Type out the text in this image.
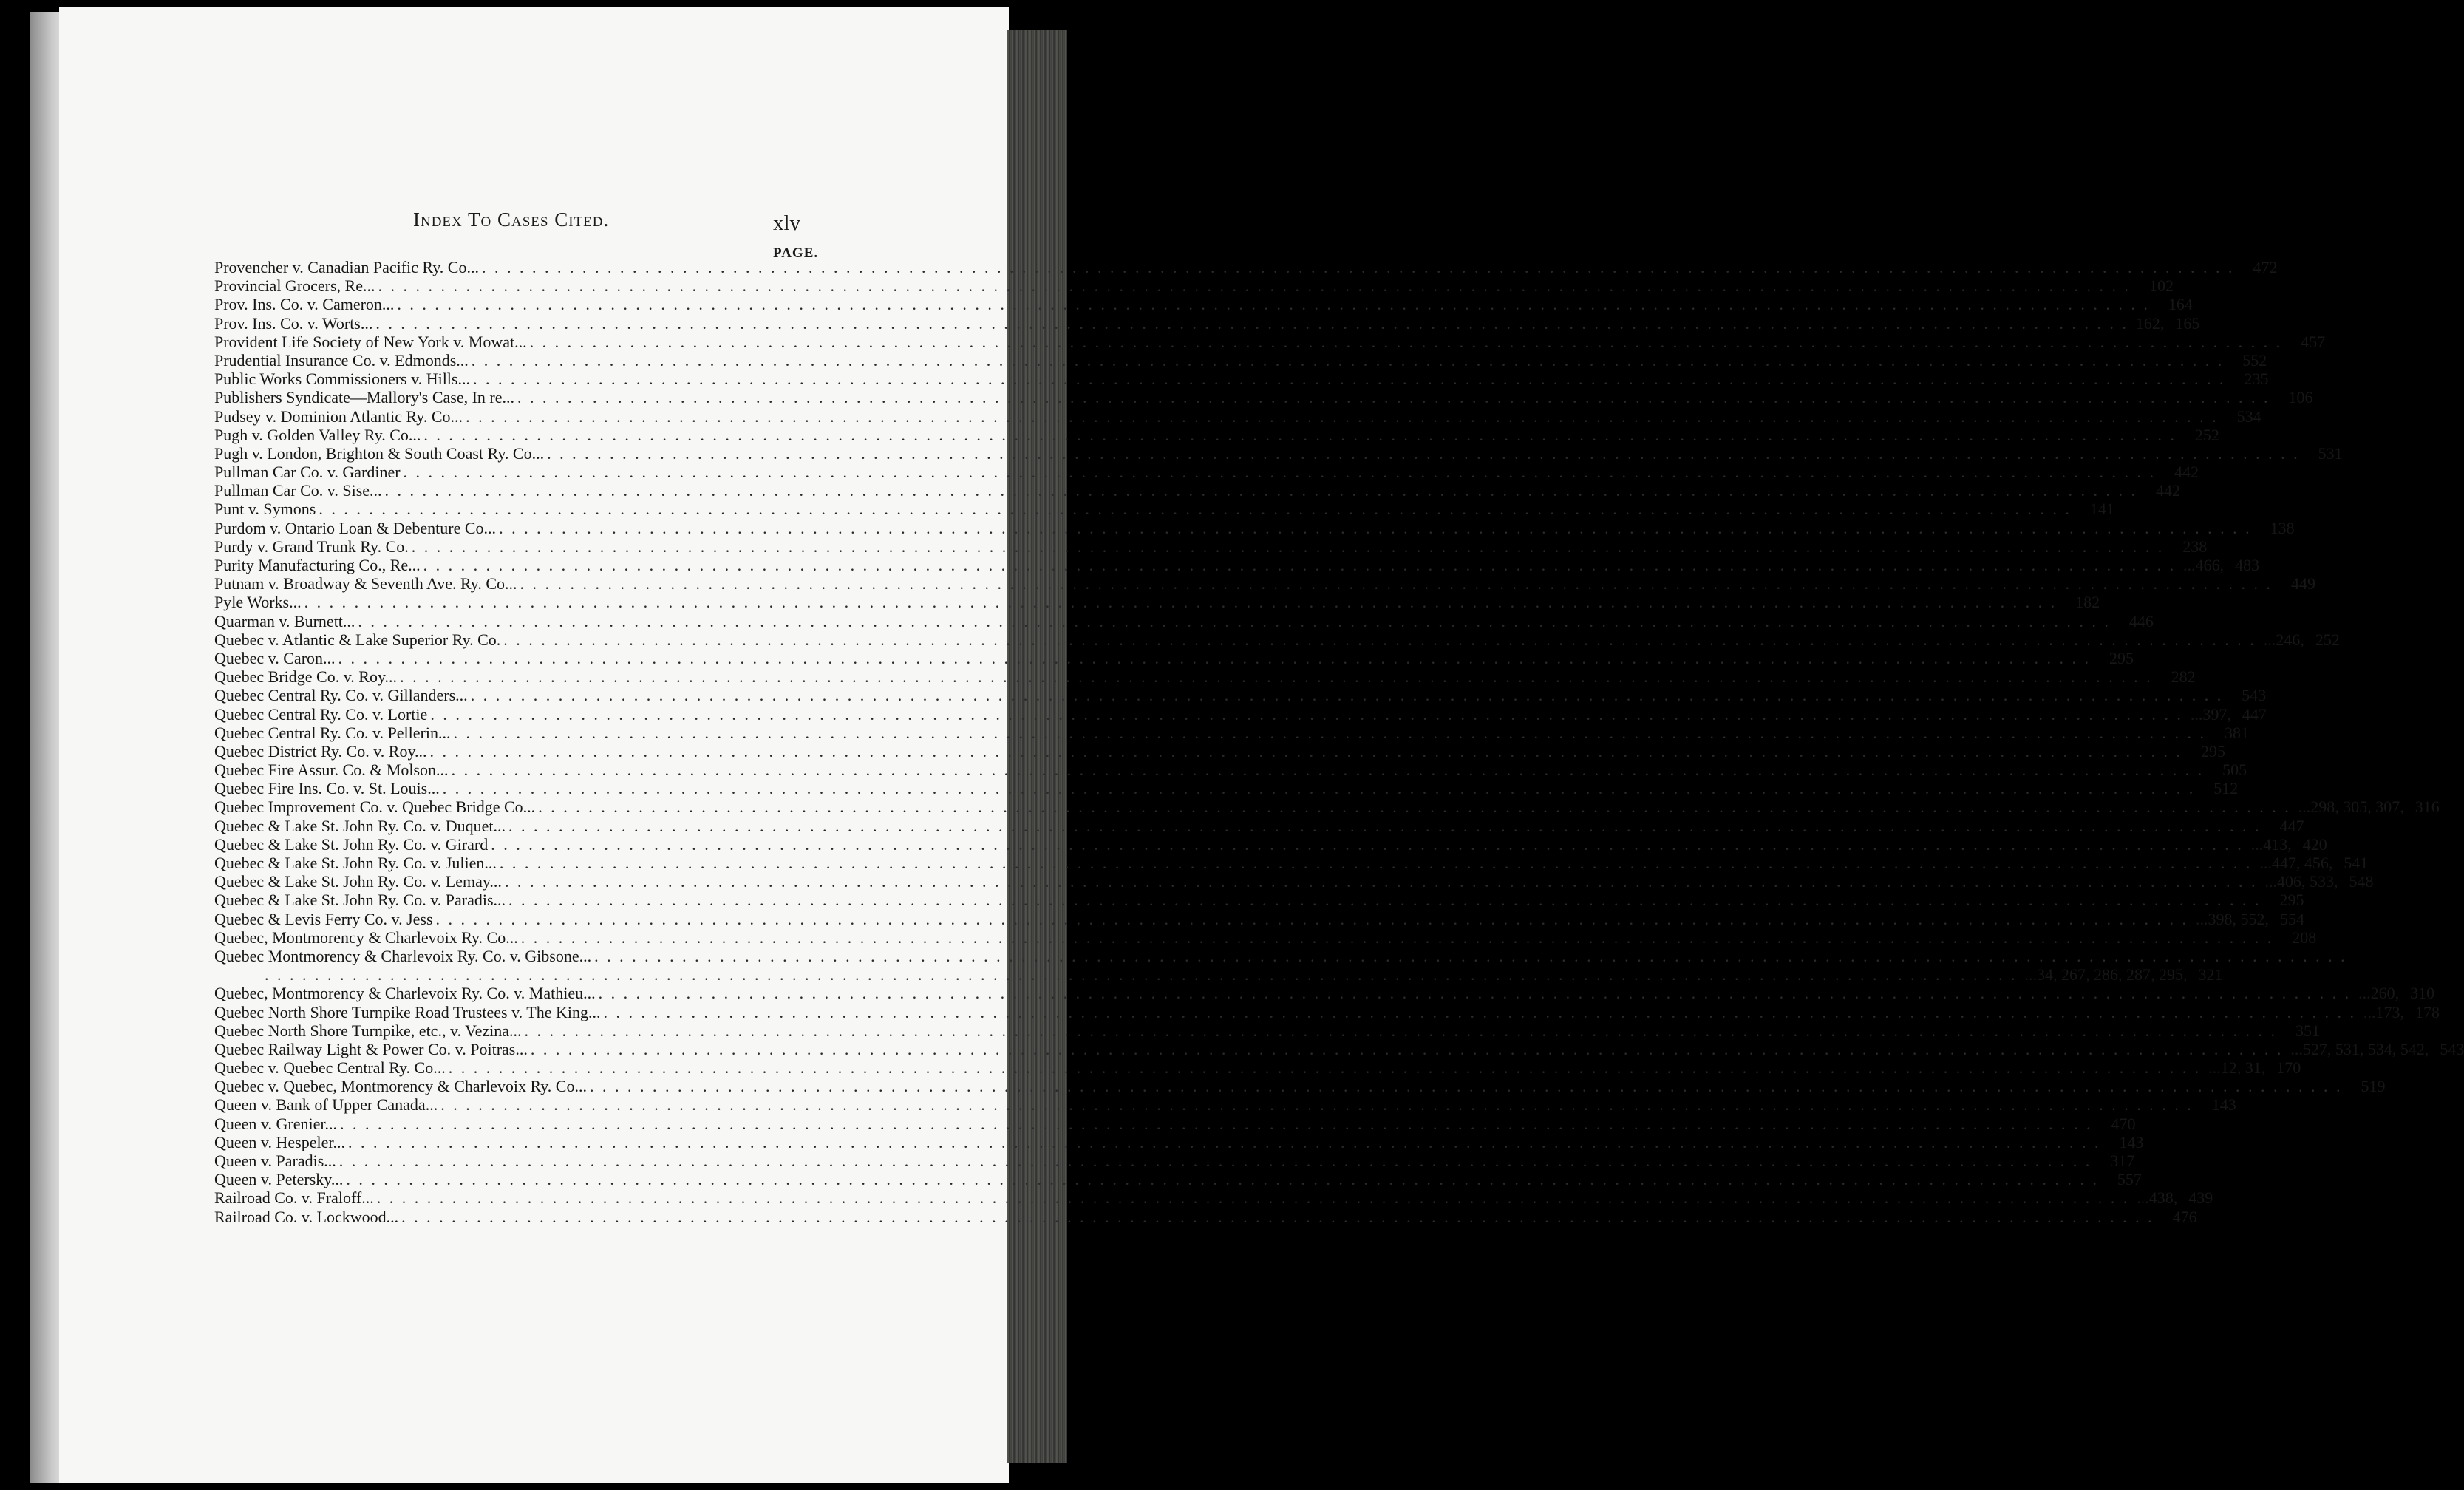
Index To Cases Cited.	xlv
PAGE.
Provencher v. Canadian Pacific Ry. Co... . . . . . . . . . . . . . . . . . . . . . . . . . . . . . . . . . . . . . . . . . . . . . . . . . . . . . . . . . . . . . . . . . . . . . . . . . . . . . . . . . . . . . . . . . . . . . . . . . . . . . . . . . . . . . . . . . . . . . . . . . . . . . . . . . . . . . . . . . . . .	472
Provincial Grocers, Re... . . . . . . . . . . . . . . . . . . . . . . . . . . . . . . . . . . . . . . . . . . . . . . . . . . . . . . . . . . . . . . . . . . . . . . . . . . . . . . . . . . . . . . . . . . . . . . . . . . . . . . . . . . . . . . . . . . . . . . . . . . . . . . . . . . . . . . . . . . . .	102
Prov. Ins. Co. v. Cameron... . . . . . . . . . . . . . . . . . . . . . . . . . . . . . . . . . . . . . . . . . . . . . . . . . . . . . . . . . . . . . . . . . . . . . . . . . . . . . . . . . . . . . . . . . . . . . . . . . . . . . . . . . . . . . . . . . . . . . . . . . . . . . . . . . . . . . . . . . . . .	164
Prov. Ins. Co. v. Worts... . . . . . . . . . . . . . . . . . . . . . . . . . . . . . . . . . . . . . . . . . . . . . . . . . . . . . . . . . . . . . . . . . . . . . . . . . . . . . . . . . . . . . . . . . . . . . . . . . . . . . . . . . . . . . . . . . . . . . . . . . . . . . . . . . . . . . . . . . . . . 162, 165
Provident Life Society of New York v. Mowat... . . . . . . . . . . . . . . . . . . . . . . . . . . . . . . . . . . . . . . . . . . . . . . . . . . . . . . . . . . . . . . . . . . . . . . . . . . . . . . . . . . . . . . . . . . . . . . . . . . . . . . . . . . . . . . . . . . . . . . . . . . . . . . . . . . . . . . . . . . . .	457
Prudential Insurance Co. v. Edmonds... . . . . . . . . . . . . . . . . . . . . . . . . . . . . . . . . . . . . . . . . . . . . . . . . . . . . . . . . . . . . . . . . . . . . . . . . . . . . . . . . . . . . . . . . . . . . . . . . . . . . . . . . . . . . . . . . . . . . . . . . . . . . . . . . . . . . . . . . . . . .	552
Public Works Commissioners v. Hills... . . . . . . . . . . . . . . . . . . . . . . . . . . . . . . . . . . . . . . . . . . . . . . . . . . . . . . . . . . . . . . . . . . . . . . . . . . . . . . . . . . . . . . . . . . . . . . . . . . . . . . . . . . . . . . . . . . . . . . . . . . . . . . . . . . . . . . . . . . . .	235
Publishers Syndicate—Mallory's Case, In re... . . . . . . . . . . . . . . . . . . . . . . . . . . . . . . . . . . . . . . . . . . . . . . . . . . . . . . . . . . . . . . . . . . . . . . . . . . . . . . . . . . . . . . . . . . . . . . . . . . . . . . . . . . . . . . . . . . . . . . . . . . . . . . . . . . . . . . . . . . . .	106
Pudsey v. Dominion Atlantic Ry. Co... . . . . . . . . . . . . . . . . . . . . . . . . . . . . . . . . . . . . . . . . . . . . . . . . . . . . . . . . . . . . . . . . . . . . . . . . . . . . . . . . . . . . . . . . . . . . . . . . . . . . . . . . . . . . . . . . . . . . . . . . . . . . . . . . . . . . . . . . . . . .	534
Pugh v. Golden Valley Ry. Co... . . . . . . . . . . . . . . . . . . . . . . . . . . . . . . . . . . . . . . . . . . . . . . . . . . . . . . . . . . . . . . . . . . . . . . . . . . . . . . . . . . . . . . . . . . . . . . . . . . . . . . . . . . . . . . . . . . . . . . . . . . . . . . . . . . . . . . . . . . . .	252
Pugh v. London, Brighton & South Coast Ry. Co... . . . . . . . . . . . . . . . . . . . . . . . . . . . . . . . . . . . . . . . . . . . . . . . . . . . . . . . . . . . . . . . . . . . . . . . . . . . . . . . . . . . . . . . . . . . . . . . . . . . . . . . . . . . . . . . . . . . . . . . . . . . . . . . . . . . . . . . . . . . .	531
Pullman Car Co. v. Gardiner . . . . . . . . . . . . . . . . . . . . . . . . . . . . . . . . . . . . . . . . . . . . . . . . . . . . . . . . . . . . . . . . . . . . . . . . . . . . . . . . . . . . . . . . . . . . . . . . . . . . . . . . . . . . . . . . . . . . . . . . . . . . . . . . . . . . . . . . . . . .	442
Pullman Car Co. v. Sise... . . . . . . . . . . . . . . . . . . . . . . . . . . . . . . . . . . . . . . . . . . . . . . . . . . . . . . . . . . . . . . . . . . . . . . . . . . . . . . . . . . . . . . . . . . . . . . . . . . . . . . . . . . . . . . . . . . . . . . . . . . . . . . . . . . . . . . . . . . . .	442
Punt v. Symons . . . . . . . . . . . . . . . . . . . . . . . . . . . . . . . . . . . . . . . . . . . . . . . . . . . . . . . . . . . . . . . . . . . . . . . . . . . . . . . . . . . . . . . . . . . . . . . . . . . . . . . . . . . . . . . . . . . . . . . . . . . . . . . . . . . . . . . . . . . .	141
Purdom v. Ontario Loan & Debenture Co... . . . . . . . . . . . . . . . . . . . . . . . . . . . . . . . . . . . . . . . . . . . . . . . . . . . . . . . . . . . . . . . . . . . . . . . . . . . . . . . . . . . . . . . . . . . . . . . . . . . . . . . . . . . . . . . . . . . . . . . . . . . . . . . . . . . . . . . . . . . .	138
Purdy v. Grand Trunk Ry. Co. . . . . . . . . . . . . . . . . . . . . . . . . . . . . . . . . . . . . . . . . . . . . . . . . . . . . . . . . . . . . . . . . . . . . . . . . . . . . . . . . . . . . . . . . . . . . . . . . . . . . . . . . . . . . . . . . . . . . . . . . . . . . . . . . . . . . . . . . . . . .	238
Purity Manufacturing Co., Re... . . . . . . . . . . . . . . . . . . . . . . . . . . . . . . . . . . . . . . . . . . . . . . . . . . . . . . . . . . . . . . . . . . . . . . . . . . . . . . . . . . . . . . . . . . . . . . . . . . . . . . . . . . . . . . . . . . . . . . . . . . . . . . . . . . . . . . . . . . . . ...466, 483
Putnam v. Broadway & Seventh Ave. Ry. Co... . . . . . . . . . . . . . . . . . . . . . . . . . . . . . . . . . . . . . . . . . . . . . . . . . . . . . . . . . . . . . . . . . . . . . . . . . . . . . . . . . . . . . . . . . . . . . . . . . . . . . . . . . . . . . . . . . . . . . . . . . . . . . . . . . . . . . . . . . . . .	449
Pyle Works... . . . . . . . . . . . . . . . . . . . . . . . . . . . . . . . . . . . . . . . . . . . . . . . . . . . . . . . . . . . . . . . . . . . . . . . . . . . . . . . . . . . . . . . . . . . . . . . . . . . . . . . . . . . . . . . . . . . . . . . . . . . . . . . . . . . . . . . . . . . .	182
Quarman v. Burnett... . . . . . . . . . . . . . . . . . . . . . . . . . . . . . . . . . . . . . . . . . . . . . . . . . . . . . . . . . . . . . . . . . . . . . . . . . . . . . . . . . . . . . . . . . . . . . . . . . . . . . . . . . . . . . . . . . . . . . . . . . . . . . . . . . . . . . . . . . . . .	446
Quebec v. Atlantic & Lake Superior Ry. Co. . . . . . . . . . . . . . . . . . . . . . . . . . . . . . . . . . . . . . . . . . . . . . . . . . . . . . . . . . . . . . . . . . . . . . . . . . . . . . . . . . . . . . . . . . . . . . . . . . . . . . . . . . . . . . . . . . . . . . . . . . . . . . . . . . . . . . . . . . . . . ...246, 252
Quebec v. Caron... . . . . . . . . . . . . . . . . . . . . . . . . . . . . . . . . . . . . . . . . . . . . . . . . . . . . . . . . . . . . . . . . . . . . . . . . . . . . . . . . . . . . . . . . . . . . . . . . . . . . . . . . . . . . . . . . . . . . . . . . . . . . . . . . . . . . . . . . . . . .	295
Quebec Bridge Co. v. Roy... . . . . . . . . . . . . . . . . . . . . . . . . . . . . . . . . . . . . . . . . . . . . . . . . . . . . . . . . . . . . . . . . . . . . . . . . . . . . . . . . . . . . . . . . . . . . . . . . . . . . . . . . . . . . . . . . . . . . . . . . . . . . . . . . . . . . . . . . . . . .	282
Quebec Central Ry. Co. v. Gillanders... . . . . . . . . . . . . . . . . . . . . . . . . . . . . . . . . . . . . . . . . . . . . . . . . . . . . . . . . . . . . . . . . . . . . . . . . . . . . . . . . . . . . . . . . . . . . . . . . . . . . . . . . . . . . . . . . . . . . . . . . . . . . . . . . . . . . . . . . . . . .	543
Quebec Central Ry. Co. v. Lortie . . . . . . . . . . . . . . . . . . . . . . . . . . . . . . . . . . . . . . . . . . . . . . . . . . . . . . . . . . . . . . . . . . . . . . . . . . . . . . . . . . . . . . . . . . . . . . . . . . . . . . . . . . . . . . . . . . . . . . . . . . . . . . . . . . . . . . . . . . . . ...397, 447
Quebec Central Ry. Co. v. Pellerin... . . . . . . . . . . . . . . . . . . . . . . . . . . . . . . . . . . . . . . . . . . . . . . . . . . . . . . . . . . . . . . . . . . . . . . . . . . . . . . . . . . . . . . . . . . . . . . . . . . . . . . . . . . . . . . . . . . . . . . . . . . . . . . . . . . . . . . . . . . . .	381
Quebec District Ry. Co. v. Roy... . . . . . . . . . . . . . . . . . . . . . . . . . . . . . . . . . . . . . . . . . . . . . . . . . . . . . . . . . . . . . . . . . . . . . . . . . . . . . . . . . . . . . . . . . . . . . . . . . . . . . . . . . . . . . . . . . . . . . . . . . . . . . . . . . . . . . . . . . . . .	295
Quebec Fire Assur. Co. & Molson... . . . . . . . . . . . . . . . . . . . . . . . . . . . . . . . . . . . . . . . . . . . . . . . . . . . . . . . . . . . . . . . . . . . . . . . . . . . . . . . . . . . . . . . . . . . . . . . . . . . . . . . . . . . . . . . . . . . . . . . . . . . . . . . . . . . . . . . . . . . .	505
Quebec Fire Ins. Co. v. St. Louis... . . . . . . . . . . . . . . . . . . . . . . . . . . . . . . . . . . . . . . . . . . . . . . . . . . . . . . . . . . . . . . . . . . . . . . . . . . . . . . . . . . . . . . . . . . . . . . . . . . . . . . . . . . . . . . . . . . . . . . . . . . . . . . . . . . . . . . . . . . . .	512
Quebec Improvement Co. v. Quebec Bridge Co... . . . . . . . . . . . . . . . . . . . . . . . . . . . . . . . . . . . . . . . . . . . . . . . . . . . . . . . . . . . . . . . . . . . . . . . . . . . . . . . . . . . . . . . . . . . . . . . . . . . . . . . . . . . . . . . . . . . . . . . . . . . . . . . . . . . . . . . . . . . . ...298, 305, 307, 316
Quebec & Lake St. John Ry. Co. v. Duquet... . . . . . . . . . . . . . . . . . . . . . . . . . . . . . . . . . . . . . . . . . . . . . . . . . . . . . . . . . . . . . . . . . . . . . . . . . . . . . . . . . . . . . . . . . . . . . . . . . . . . . . . . . . . . . . . . . . . . . . . . . . . . . . . . . . . . . . . . . . . .	447
Quebec & Lake St. John Ry. Co. v. Girard . . . . . . . . . . . . . . . . . . . . . . . . . . . . . . . . . . . . . . . . . . . . . . . . . . . . . . . . . . . . . . . . . . . . . . . . . . . . . . . . . . . . . . . . . . . . . . . . . . . . . . . . . . . . . . . . . . . . . . . . . . . . . . . . . . . . . . . . . . . . ...413, 420
Quebec & Lake St. John Ry. Co. v. Julien... . . . . . . . . . . . . . . . . . . . . . . . . . . . . . . . . . . . . . . . . . . . . . . . . . . . . . . . . . . . . . . . . . . . . . . . . . . . . . . . . . . . . . . . . . . . . . . . . . . . . . . . . . . . . . . . . . . . . . . . . . . . . . . . . . . . . . . . . . . . . ...447, 456, 541
Quebec & Lake St. John Ry. Co. v. Lemay... . . . . . . . . . . . . . . . . . . . . . . . . . . . . . . . . . . . . . . . . . . . . . . . . . . . . . . . . . . . . . . . . . . . . . . . . . . . . . . . . . . . . . . . . . . . . . . . . . . . . . . . . . . . . . . . . . . . . . . . . . . . . . . . . . . . . . . . . . . . . ...406, 533, 548
Quebec & Lake St. John Ry. Co. v. Paradis... . . . . . . . . . . . . . . . . . . . . . . . . . . . . . . . . . . . . . . . . . . . . . . . . . . . . . . . . . . . . . . . . . . . . . . . . . . . . . . . . . . . . . . . . . . . . . . . . . . . . . . . . . . . . . . . . . . . . . . . . . . . . . . . . . . . . . . . . . . . .	295
Quebec & Levis Ferry Co. v. Jess . . . . . . . . . . . . . . . . . . . . . . . . . . . . . . . . . . . . . . . . . . . . . . . . . . . . . . . . . . . . . . . . . . . . . . . . . . . . . . . . . . . . . . . . . . . . . . . . . . . . . . . . . . . . . . . . . . . . . . . . . . . . . . . . . . . . . . . . . . . . ...398, 552, 554
Quebec, Montmorency & Charlevoix Ry. Co... . . . . . . . . . . . . . . . . . . . . . . . . . . . . . . . . . . . . . . . . . . . . . . . . . . . . . . . . . . . . . . . . . . . . . . . . . . . . . . . . . . . . . . . . . . . . . . . . . . . . . . . . . . . . . . . . . . . . . . . . . . . . . . . . . . . . . . . . . . . .	208
Quebec Montmorency & Charlevoix Ry. Co. v. Gibsone... . . . . . . . . . . . . . . . . . . . . . . . . . . . . . . . . . . . . . . . . . . . . . . . . . . . . . . . . . . . . . . . . . . . . . . . . . . . . . . . . . . . . . . . . . . . . . . . . . . . . . . . . . . . . . . . . . . . . . . . . . . . . . . . . . . . . . . . . . . . .
. . . . . . . . . . . . . . . . . . . . . . . . . . . . . . . . . . . . . . . . . . . . . . . . . . . . . . . . . . . . . . . . . . . . . . . . . . . . . . . . . . . . . . . . . . . . . . . . . . . . . . . . . . . . . . . . . . . . . . . . . . . . . . . . . . . . . . . . . . . . ...34, 267, 286, 287, 295, 321
Quebec, Montmorency & Charlevoix Ry. Co. v. Mathieu... . . . . . . . . . . . . . . . . . . . . . . . . . . . . . . . . . . . . . . . . . . . . . . . . . . . . . . . . . . . . . . . . . . . . . . . . . . . . . . . . . . . . . . . . . . . . . . . . . . . . . . . . . . . . . . . . . . . . . . . . . . . . . . . . . . . . . . . . . . . . ...260, 310
Quebec North Shore Turnpike Road Trustees v. The King... . . . . . . . . . . . . . . . . . . . . . . . . . . . . . . . . . . . . . . . . . . . . . . . . . . . . . . . . . . . . . . . . . . . . . . . . . . . . . . . . . . . . . . . . . . . . . . . . . . . . . . . . . . . . . . . . . . . . . . . . . . . . . . . . . . . . . . . . . . . . ...173, 178
Quebec North Shore Turnpike, etc., v. Vezina... . . . . . . . . . . . . . . . . . . . . . . . . . . . . . . . . . . . . . . . . . . . . . . . . . . . . . . . . . . . . . . . . . . . . . . . . . . . . . . . . . . . . . . . . . . . . . . . . . . . . . . . . . . . . . . . . . . . . . . . . . . . . . . . . . . . . . . . . . . . .	351
Quebec Railway Light & Power Co. v. Poitras... . . . . . . . . . . . . . . . . . . . . . . . . . . . . . . . . . . . . . . . . . . . . . . . . . . . . . . . . . . . . . . . . . . . . . . . . . . . . . . . . . . . . . . . . . . . . . . . . . . . . . . . . . . . . . . . . . . . . . . . . . . . . . . . . . . . . . . . . . . . . ...527, 531, 534, 542, 543
Quebec v. Quebec Central Ry. Co... . . . . . . . . . . . . . . . . . . . . . . . . . . . . . . . . . . . . . . . . . . . . . . . . . . . . . . . . . . . . . . . . . . . . . . . . . . . . . . . . . . . . . . . . . . . . . . . . . . . . . . . . . . . . . . . . . . . . . . . . . . . . . . . . . . . . . . . . . . . . ...12, 31, 170
Quebec v. Quebec, Montmorency & Charlevoix Ry. Co... . . . . . . . . . . . . . . . . . . . . . . . . . . . . . . . . . . . . . . . . . . . . . . . . . . . . . . . . . . . . . . . . . . . . . . . . . . . . . . . . . . . . . . . . . . . . . . . . . . . . . . . . . . . . . . . . . . . . . . . . . . . . . . . . . . . . . . . . . . . .	519
Queen v. Bank of Upper Canada... . . . . . . . . . . . . . . . . . . . . . . . . . . . . . . . . . . . . . . . . . . . . . . . . . . . . . . . . . . . . . . . . . . . . . . . . . . . . . . . . . . . . . . . . . . . . . . . . . . . . . . . . . . . . . . . . . . . . . . . . . . . . . . . . . . . . . . . . . . . .	143
Queen v. Grenier... . . . . . . . . . . . . . . . . . . . . . . . . . . . . . . . . . . . . . . . . . . . . . . . . . . . . . . . . . . . . . . . . . . . . . . . . . . . . . . . . . . . . . . . . . . . . . . . . . . . . . . . . . . . . . . . . . . . . . . . . . . . . . . . . . . . . . . . . . . . .	470
Queen v. Hespeler... . . . . . . . . . . . . . . . . . . . . . . . . . . . . . . . . . . . . . . . . . . . . . . . . . . . . . . . . . . . . . . . . . . . . . . . . . . . . . . . . . . . . . . . . . . . . . . . . . . . . . . . . . . . . . . . . . . . . . . . . . . . . . . . . . . . . . . . . . . . .	143
Queen v. Paradis... . . . . . . . . . . . . . . . . . . . . . . . . . . . . . . . . . . . . . . . . . . . . . . . . . . . . . . . . . . . . . . . . . . . . . . . . . . . . . . . . . . . . . . . . . . . . . . . . . . . . . . . . . . . . . . . . . . . . . . . . . . . . . . . . . . . . . . . . . . . .	317
Queen v. Petersky... . . . . . . . . . . . . . . . . . . . . . . . . . . . . . . . . . . . . . . . . . . . . . . . . . . . . . . . . . . . . . . . . . . . . . . . . . . . . . . . . . . . . . . . . . . . . . . . . . . . . . . . . . . . . . . . . . . . . . . . . . . . . . . . . . . . . . . . . . . . .	557
Railroad Co. v. Fraloff... . . . . . . . . . . . . . . . . . . . . . . . . . . . . . . . . . . . . . . . . . . . . . . . . . . . . . . . . . . . . . . . . . . . . . . . . . . . . . . . . . . . . . . . . . . . . . . . . . . . . . . . . . . . . . . . . . . . . . . . . . . . . . . . . . . . . . . . . . . . . ...438, 439
Railroad Co. v. Lockwood... . . . . . . . . . . . . . . . . . . . . . . . . . . . . . . . . . . . . . . . . . . . . . . . . . . . . . . . . . . . . . . . . . . . . . . . . . . . . . . . . . . . . . . . . . . . . . . . . . . . . . . . . . . . . . . . . . . . . . . . . . . . . . . . . . . . . . . . . . . . .	476
